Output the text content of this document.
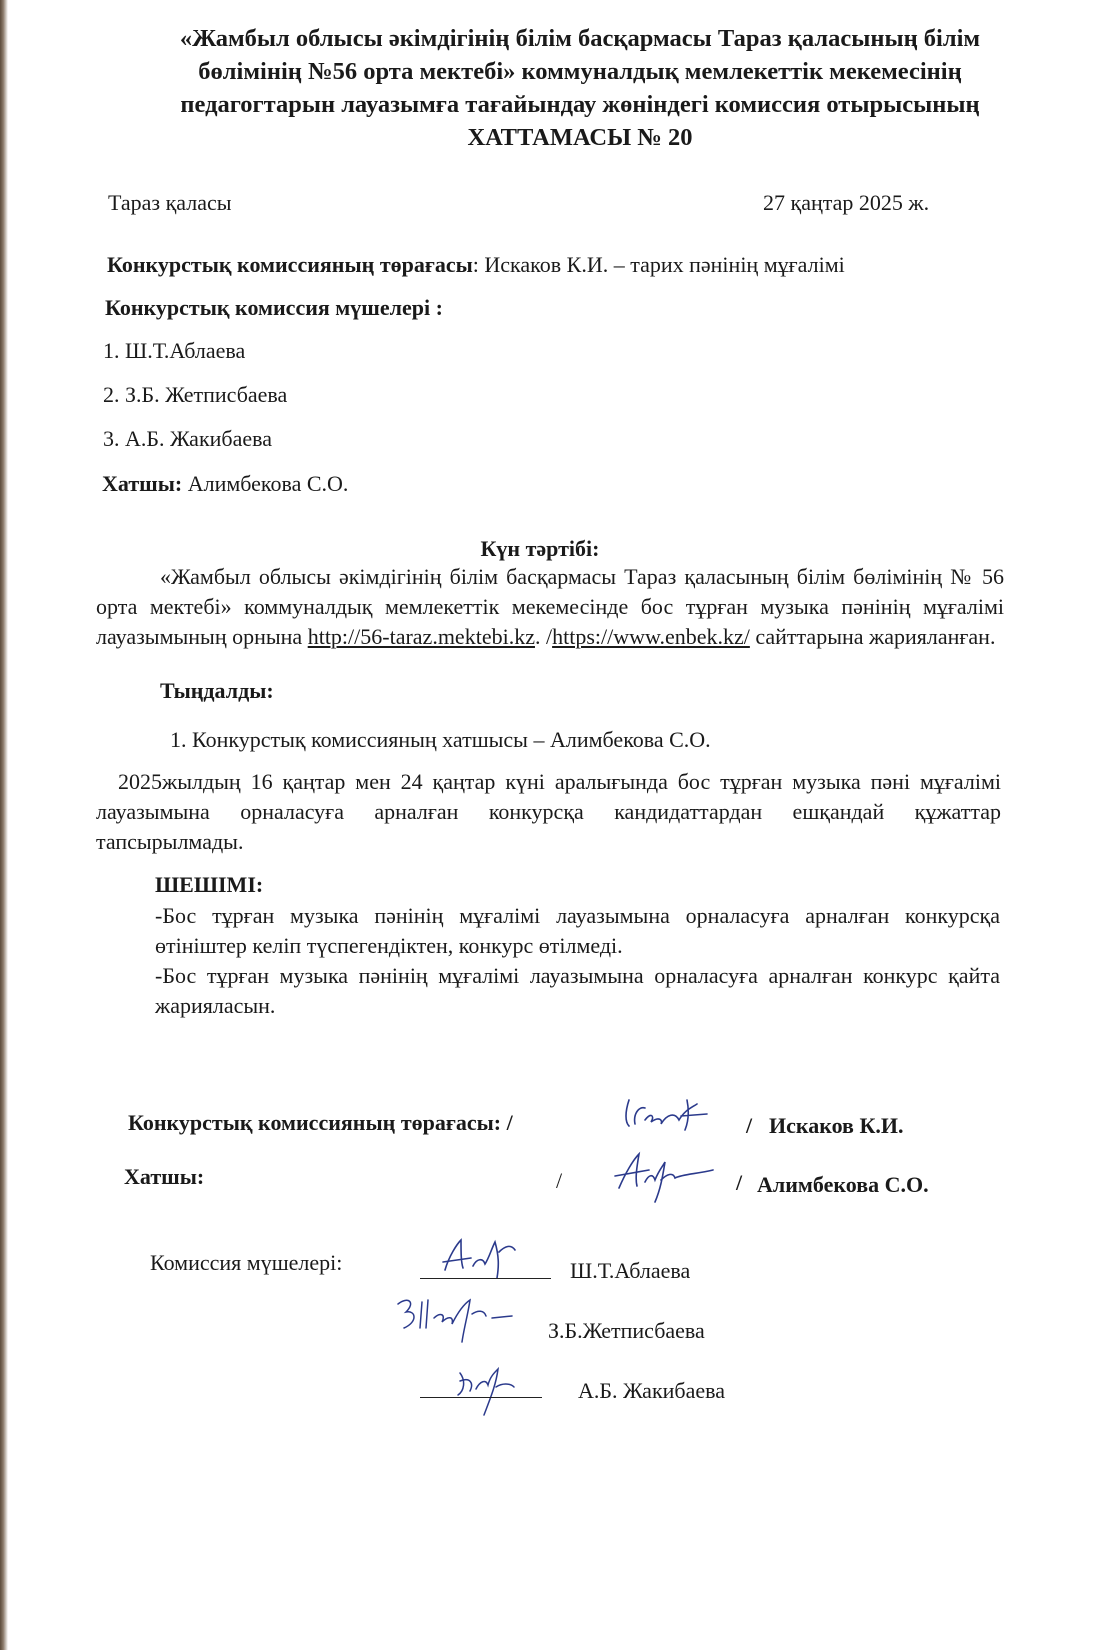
«Жамбыл облысы әкімдігінің білім басқармасы Тараз қаласының білім
бөлімінің №56 орта мектебі» коммуналдық мемлекеттік мекемесінің
педагогтарын лауазымға тағайындау жөніндегі комиссия отырысының
ХАТТАМАСЫ № 20
Тараз қаласы	27 қаңтар 2025 ж.
Конкурстық комиссияның төрағасы: Искаков К.И. – тарих пәнінің мұғалімі
Конкурстық комиссия мүшелері :
1. Ш.Т.Аблаева
2. З.Б. Жетписбаева
3. А.Б. Жакибаева
Хатшы: Алимбекова С.О.
Күн тәртібі:
«Жамбыл облысы әкімдігінің білім басқармасы Тараз қаласының білім бөлімінің № 56 орта мектебі» коммуналдық мемлекеттік мекемесінде бос тұрған музыка пәнінің мұғалімі лауазымының орнына http://56-taraz.mektebi.kz. /https://www.enbek.kz/ сайттарына жарияланған.
Тыңдалды:
1. Конкурстық комиссияның хатшысы – Алимбекова С.О.
2025жылдың 16 қаңтар мен 24 қаңтар күні аралығында бос тұрған музыка пәні мұғалімі лауазымына орналасуға арналған конкурсқа кандидаттардан ешқандай құжаттар тапсырылмады.
ШЕШІМІ:
-Бос тұрған музыка пәнінің мұғалімі лауазымына орналасуға арналған конкурсқа өтініштер келіп түспегендіктен, конкурс өтілмеді.
-Бос тұрған музыка пәнінің мұғалімі лауазымына орналасуға арналған конкурс қайта жарияласын.
Конкурстық комиссияның төрағасы: /	/ Искаков К.И.
Хатшы:	/	/ Алимбекова С.О.
Комиссия мүшелері:	Ш.Т.Аблаева
З.Б.Жетписбаева
А.Б. Жакибаева
